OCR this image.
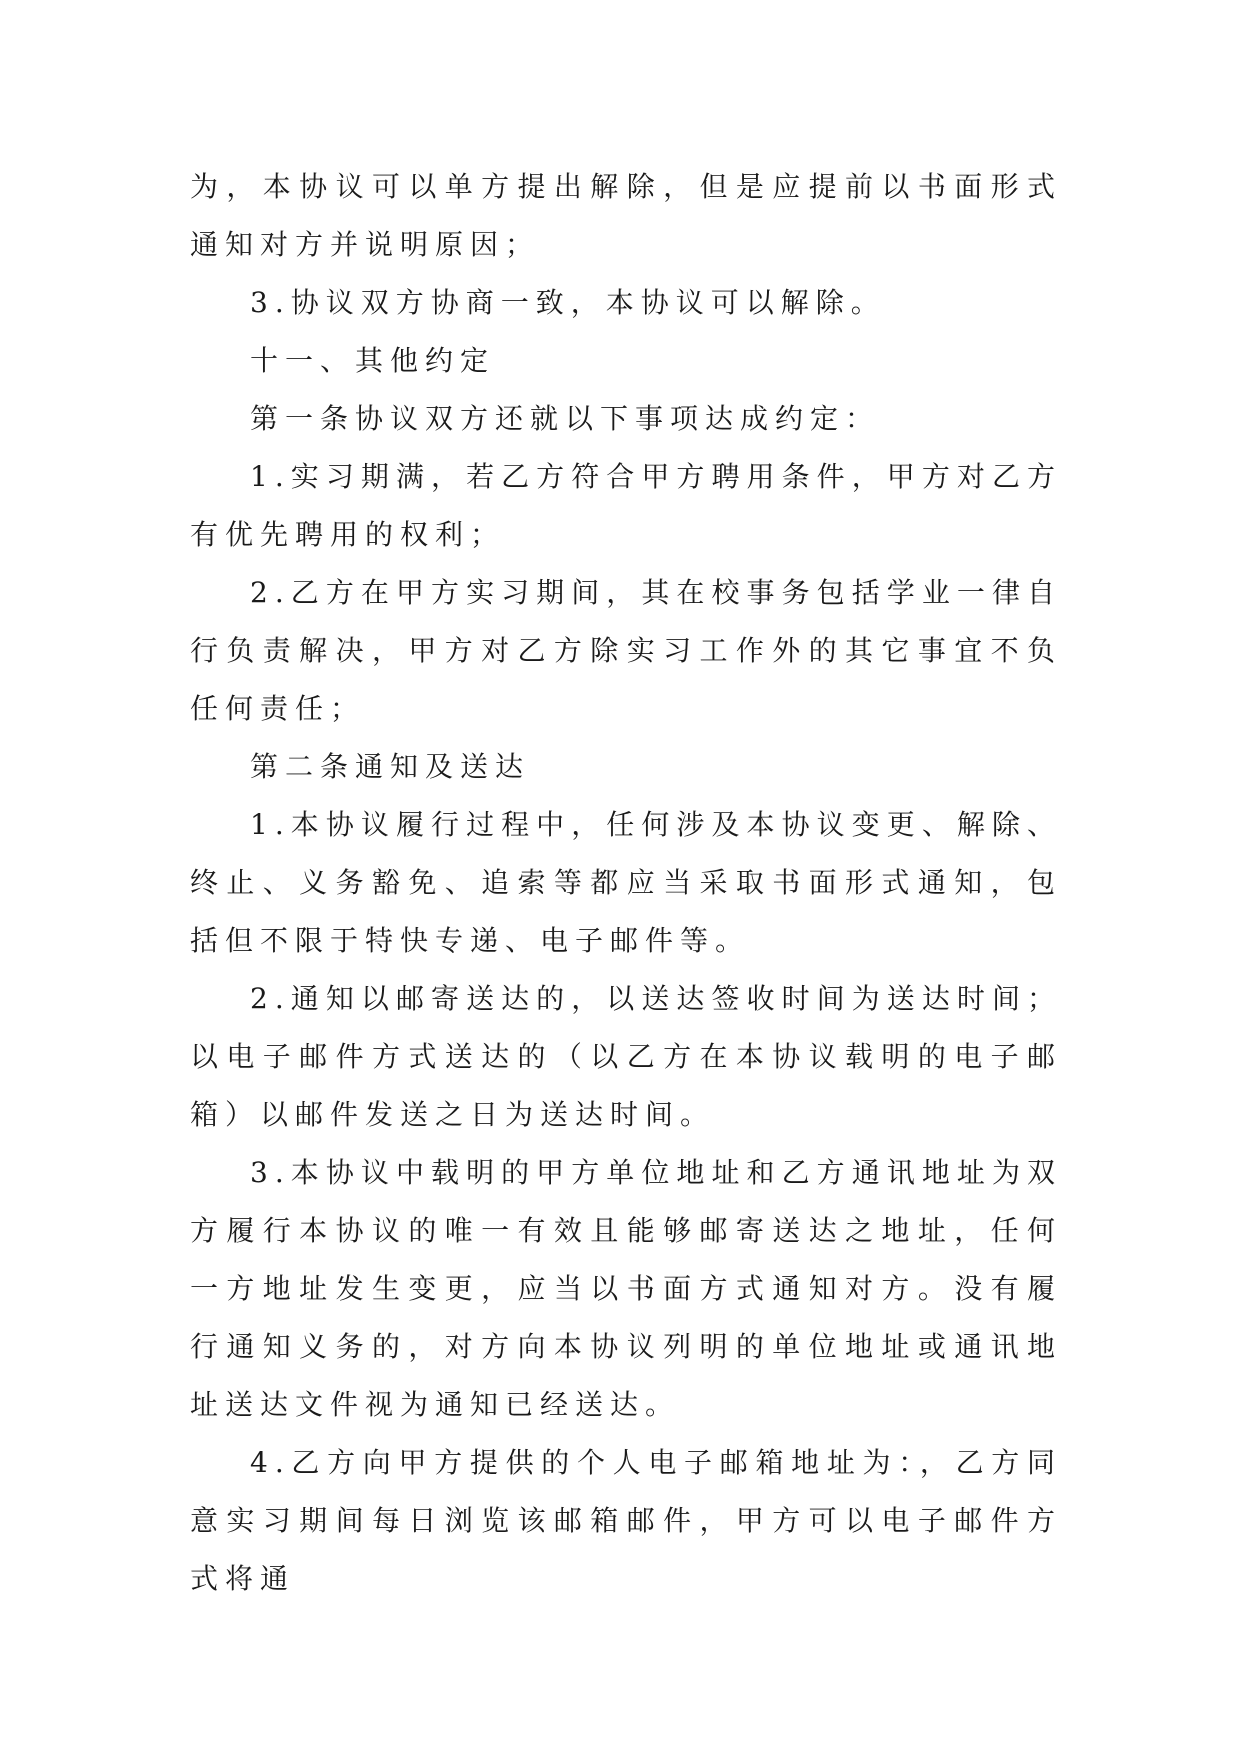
为，本协议可以单方提出解除，但是应提前以书面形式通知对方并说明原因；

3.协议双方协商一致，本协议可以解除。

十一、其他约定

第一条协议双方还就以下事项达成约定：

1.实习期满，若乙方符合甲方聘用条件，甲方对乙方有优先聘用的权利；

2.乙方在甲方实习期间，其在校事务包括学业一律自行负责解决，甲方对乙方除实习工作外的其它事宜不负任何责任；

第二条通知及送达

1.本协议履行过程中，任何涉及本协议变更、解除、终止、义务豁免、追索等都应当采取书面形式通知，包括但不限于特快专递、电子邮件等。

2.通知以邮寄送达的，以送达签收时间为送达时间；以电子邮件方式送达的（以乙方在本协议载明的电子邮箱）以邮件发送之日为送达时间。

3.本协议中载明的甲方单位地址和乙方通讯地址为双方履行本协议的唯一有效且能够邮寄送达之地址，任何一方地址发生变更，应当以书面方式通知对方。没有履行通知义务的，对方向本协议列明的单位地址或通讯地址送达文件视为通知已经送达。

4.乙方向甲方提供的个人电子邮箱地址为：，乙方同意实习期间每日浏览该邮箱邮件，甲方可以电子邮件方式将通
